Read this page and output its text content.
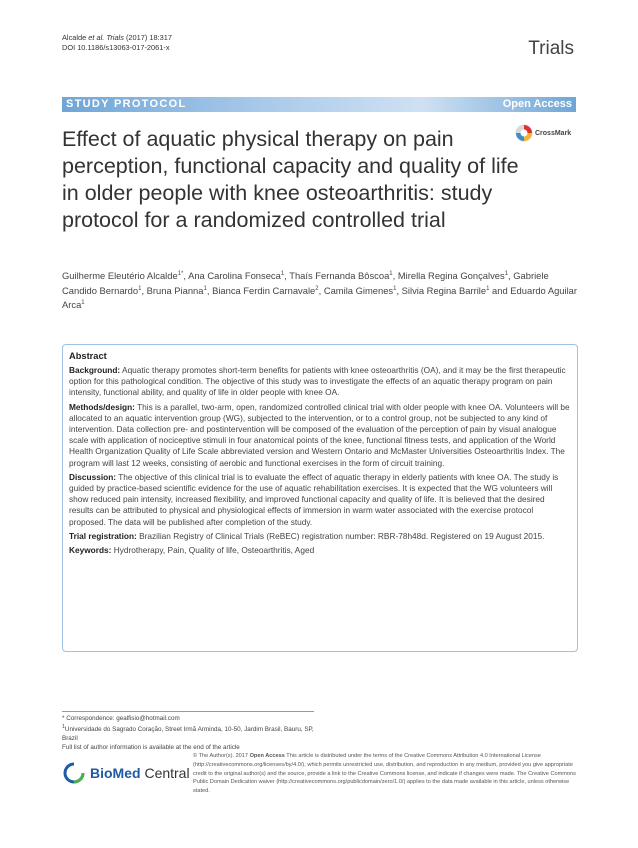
Alcalde et al. Trials (2017) 18:317
DOI 10.1186/s13063-017-2061-x	Trials
STUDY PROTOCOL	Open Access
Effect of aquatic physical therapy on pain perception, functional capacity and quality of life in older people with knee osteoarthritis: study protocol for a randomized controlled trial
CrossMark
Guilherme Eleutério Alcalde$^{1*}$, Ana Carolina Fonseca$^1$, Thaís Fernanda Bôscoa$^1$, Mirella Regina Gonçalves$^1$, Gabriele Candido Bernardo$^1$, Bruna Pianna$^1$, Bianca Ferdin Carnavale$^2$, Camila Gimenes$^1$, Silvia Regina Barrile$^1$ and Eduardo Aguilar Arca$^1$
Abstract
Background: Aquatic therapy promotes short-term benefits for patients with knee osteoarthritis (OA), and it may be the first therapeutic option for this pathological condition. The objective of this study was to investigate the effects of an aquatic therapy program on pain intensity, functional ability, and quality of life in older people with knee OA.
Methods/design: This is a parallel, two-arm, open, randomized controlled clinical trial with older people with knee OA. Volunteers will be allocated to an aquatic intervention group (WG), subjected to the intervention, or to a control group, not be subjected to any kind of intervention. Data collection pre- and postintervention will be composed of the evaluation of the perception of pain by visual analogue scale with application of nociceptive stimuli in four anatomical points of the knee, functional fitness tests, and application of the World Health Organization Quality of Life Scale abbreviated version and Western Ontario and McMaster Universities Osteoarthritis Index. The program will last 12 weeks, consisting of aerobic and functional exercises in the form of circuit training.
Discussion: The objective of this clinical trial is to evaluate the effect of aquatic therapy in elderly patients with knee OA. The study is guided by practice-based scientific evidence for the use of aquatic rehabilitation exercises. It is expected that the WG volunteers will show reduced pain intensity, increased flexibility, and improved functional capacity and quality of life. It is believed that the desired results can be attributed to physical and physiological effects of immersion in warm water associated with the exercise protocol proposed. The data will be published after completion of the study.
Trial registration: Brazilian Registry of Clinical Trials (ReBEC) registration number: RBR-78h48d. Registered on 19 August 2015.
Keywords: Hydrotherapy, Pain, Quality of life, Osteoarthritis, Aged
* Correspondence: gealfisio@hotmail.com
$^1$Universidade do Sagrado Coração, Street Irmã Arminda, 10-50, Jardim Brasil, Bauru, SP, Brazil
Full list of author information is available at the end of the article
BioMed Central
© The Author(s). 2017 Open Access This article is distributed under the terms of the Creative Commons Attribution 4.0 International License (http://creativecommons.org/licenses/by/4.0/), which permits unrestricted use, distribution, and reproduction in any medium, provided you give appropriate credit to the original author(s) and the source, provide a link to the Creative Commons license, and indicate if changes were made. The Creative Commons Public Domain Dedication waiver (http://creativecommons.org/publicdomain/zero/1.0/) applies to the data made available in this article, unless otherwise stated.
